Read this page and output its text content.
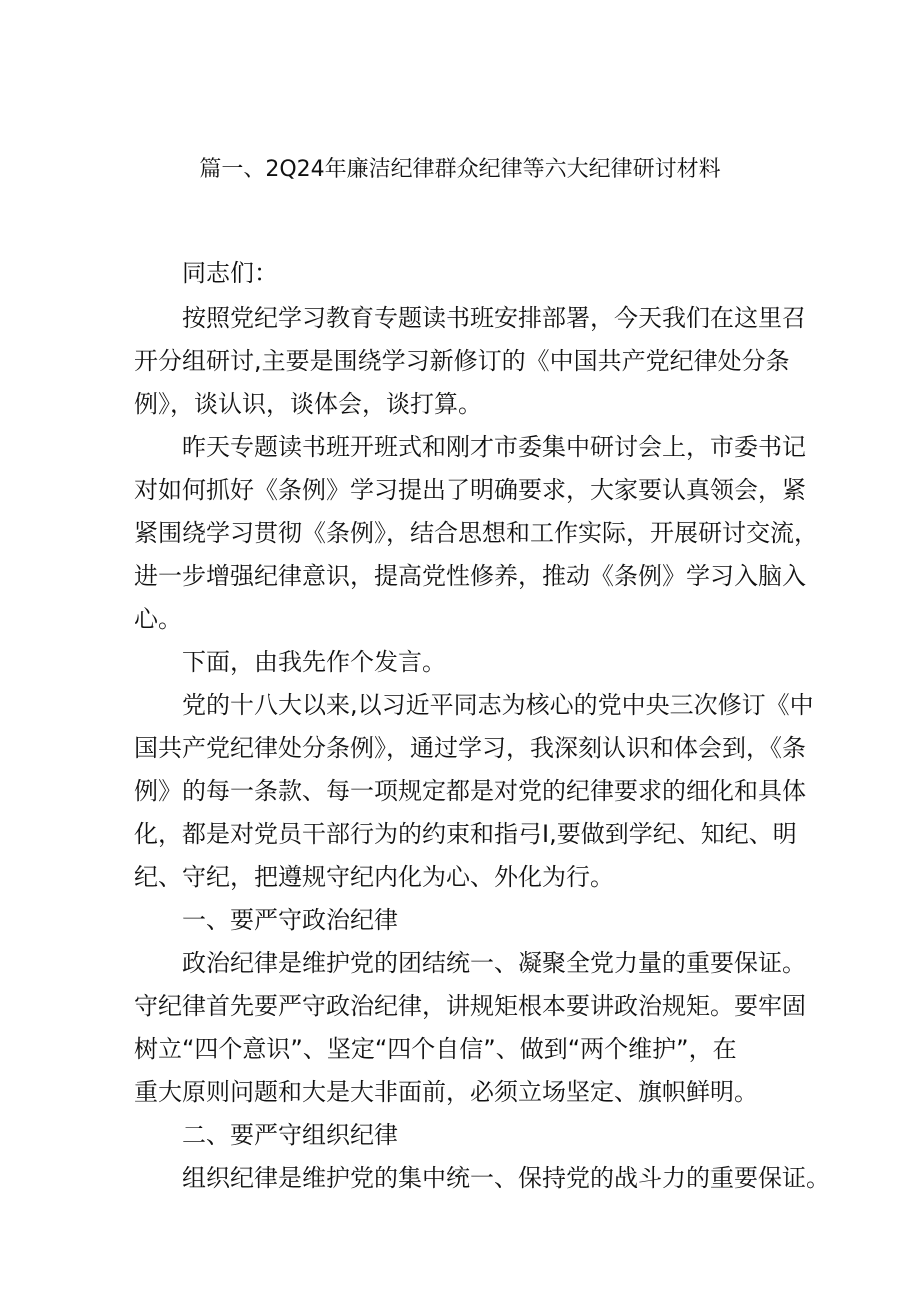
篇一、2Q24年廉洁纪律群众纪律等六大纪律研讨材料
同志们：
按照党纪学习教育专题读书班安排部署，今天我们在这里召
开分组研讨,主要是围绕学习新修订的《中国共产党纪律处分条
例》，谈认识，谈体会，谈打算。
昨天专题读书班开班式和刚才市委集中研讨会上，市委书记
对如何抓好《条例》学习提出了明确要求，大家要认真领会，紧
紧围绕学习贯彻《条例》，结合思想和工作实际，开展研讨交流，
进一步增强纪律意识，提高党性修养，推动《条例》学习入脑入
心。
下面，由我先作个发言。
党的十八大以来,以习近平同志为核心的党中央三次修订《中
国共产党纪律处分条例》，通过学习，我深刻认识和体会到，《条
例》的每一条款、每一项规定都是对党的纪律要求的细化和具体
化，都是对党员干部行为的约束和指弓I,要做到学纪、知纪、明
纪、守纪，把遵规守纪内化为心、外化为行。
一、要严守政治纪律
政治纪律是维护党的团结统一、凝聚全党力量的重要保证。
守纪律首先要严守政治纪律，讲规矩根本要讲政治规矩。要牢固
树立“四个意识”、坚定“四个自信”、做到“两个维护”，在
重大原则问题和大是大非面前，必须立场坚定、旗帜鲜明。
二、要严守组织纪律
组织纪律是维护党的集中统一、保持党的战斗力的重要保证。
